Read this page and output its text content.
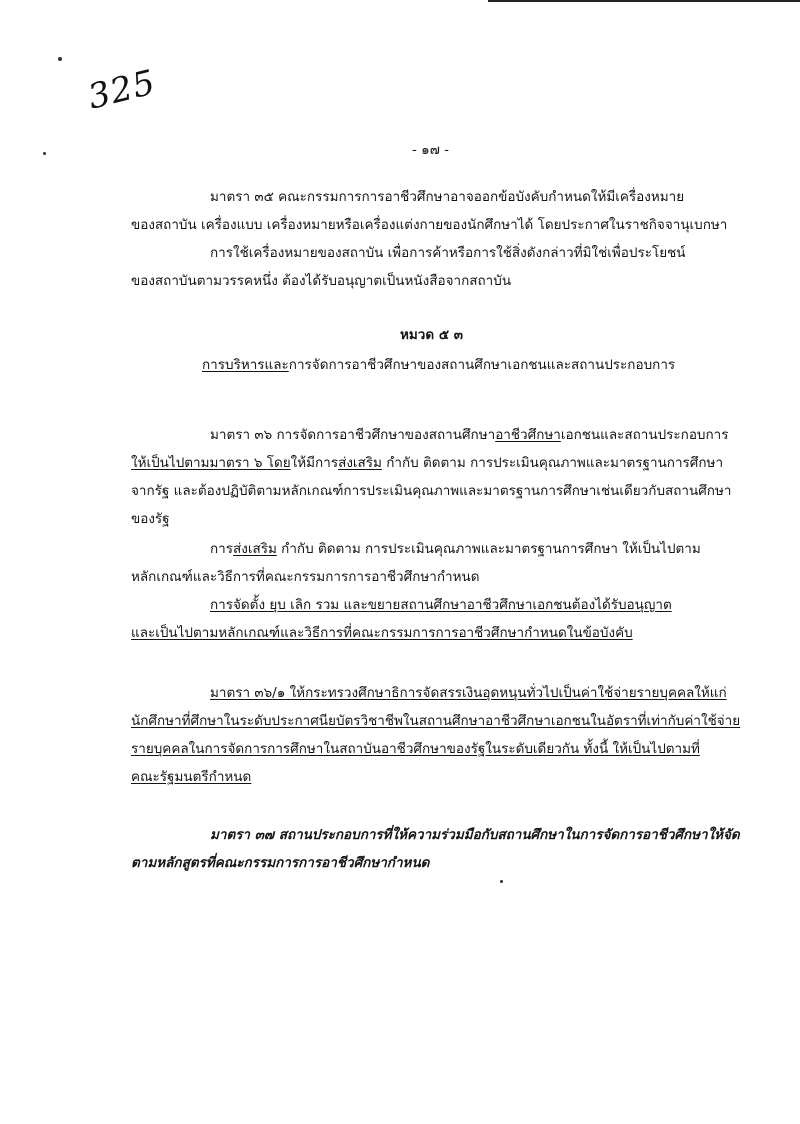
325
- ๑๗ -
มาตรา ๓๕ คณะกรรมการการอาชีวศึกษาอาจออกข้อบังคับกำหนดให้มีเครื่องหมาย
ของสถาบัน เครื่องแบบ เครื่องหมายหรือเครื่องแต่งกายของนักศึกษาได้ โดยประกาศในราชกิจจานุเบกษา
การใช้เครื่องหมายของสถาบัน เพื่อการค้าหรือการใช้สิ่งดังกล่าวที่มิใช่เพื่อประโยชน์
ของสถาบันตามวรรคหนึ่ง ต้องได้รับอนุญาตเป็นหนังสือจากสถาบัน
หมวด ๕ ๓
การบริหารและการจัดการอาชีวศึกษาของสถานศึกษาเอกชนและสถานประกอบการ
มาตรา ๓๖ การจัดการอาชีวศึกษาของสถานศึกษาอาชีวศึกษาเอกชนและสถานประกอบการ
ให้เป็นไปตามมาตรา ๖ โดยให้มีการส่งเสริม กำกับ ติดตาม การประเมินคุณภาพและมาตรฐานการศึกษา
จากรัฐ และต้องปฏิบัติตามหลักเกณฑ์การประเมินคุณภาพและมาตรฐานการศึกษาเช่นเดียวกับสถานศึกษา
ของรัฐ
การส่งเสริม กำกับ ติดตาม การประเมินคุณภาพและมาตรฐานการศึกษา ให้เป็นไปตาม
หลักเกณฑ์และวิธีการที่คณะกรรมการการอาชีวศึกษากำหนด
การจัดตั้ง ยุบ เลิก รวม และขยายสถานศึกษาอาชีวศึกษาเอกชนต้องได้รับอนุญาต
และเป็นไปตามหลักเกณฑ์และวิธีการที่คณะกรรมการการอาชีวศึกษากำหนดในข้อบังคับ
มาตรา ๓๖/๑ ให้กระทรวงศึกษาธิการจัดสรรเงินอุดหนุนทั่วไปเป็นค่าใช้จ่ายรายบุคคลให้แก่
นักศึกษาที่ศึกษาในระดับประกาศนียบัตรวิชาชีพในสถานศึกษาอาชีวศึกษาเอกชนในอัตราที่เท่ากับค่าใช้จ่าย
รายบุคคลในการจัดการการศึกษาในสถาบันอาชีวศึกษาของรัฐในระดับเดียวกัน ทั้งนี้ ให้เป็นไปตามที่
คณะรัฐมนตรีกำหนด
มาตรา ๓๗ สถานประกอบการที่ให้ความร่วมมือกับสถานศึกษาในการจัดการอาชีวศึกษาให้จัด
ตามหลักสูตรที่คณะกรรมการการอาชีวศึกษากำหนด
